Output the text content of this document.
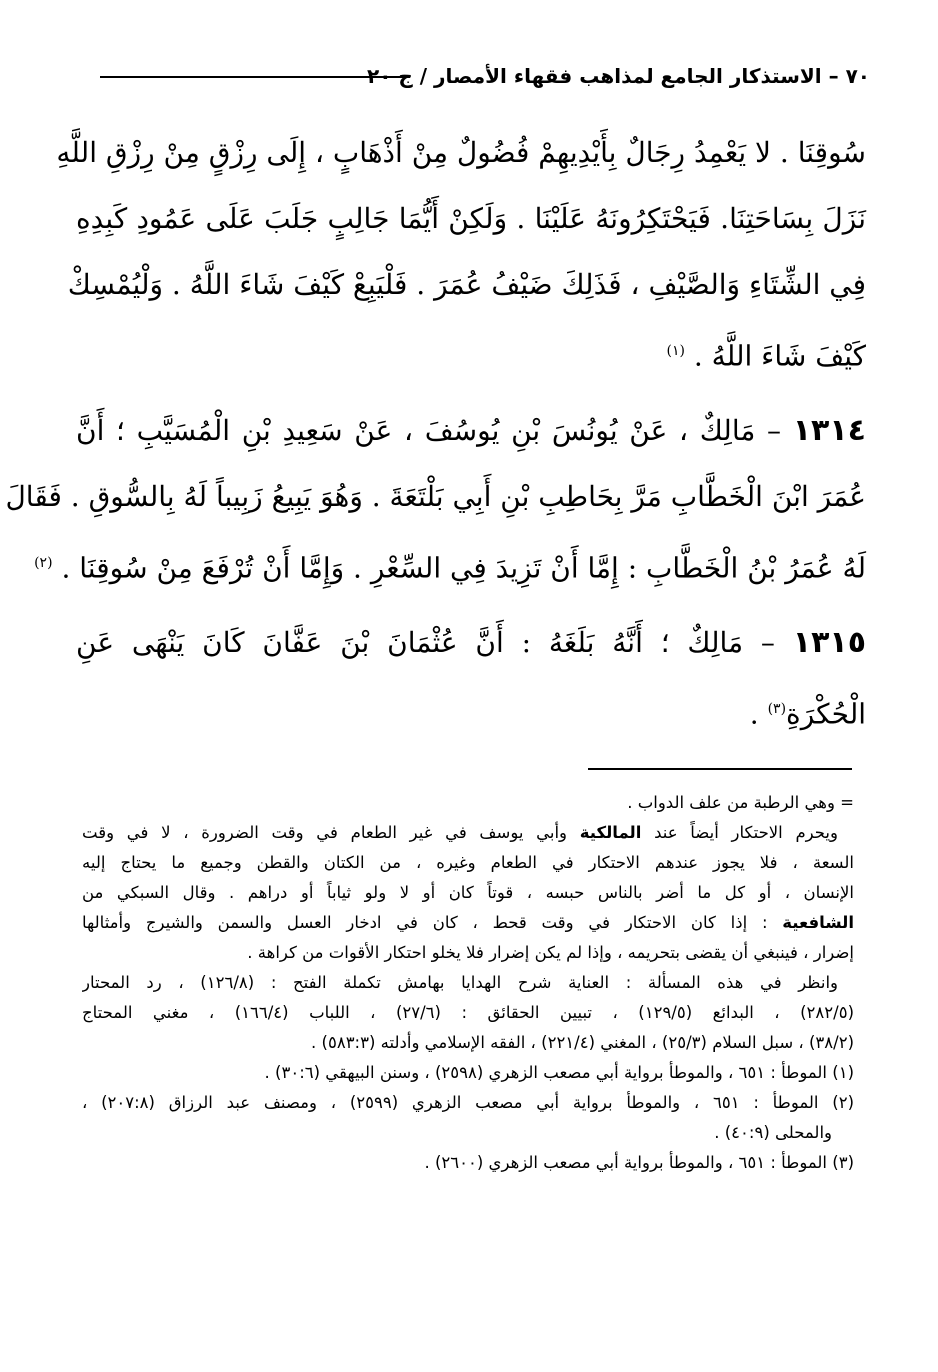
٧٠ – الاستذكار الجامع لمذاهب فقهاء الأمصار / ج ٢٠
سُوقِنَا . لا يَعْمِدُ رِجَالٌ بِأَيْدِيهِمْ فُضُولٌ مِنْ أَذْهَابٍ ، إِلَى رِزْقٍ مِنْ رِزْقِ اللَّهِ
نَزَلَ بِسَاحَتِنَا. فَيَحْتَكِرُونَهُ عَلَيْنَا . وَلَكِنْ أَيُّمَا جَالِبٍ جَلَبَ عَلَى عَمُودِ كَبِدِهِ
فِي الشِّتَاءِ وَالصَّيْفِ ، فَذَلِكَ ضَيْفُ عُمَرَ . فَلْيَبِعْ كَيْفَ شَاءَ اللَّهُ . وَلْيُمْسِكْ
كَيْفَ شَاءَ اللَّهُ . $^{(١)}$
١٣١٤ – مَالِكٌ ، عَنْ يُونُسَ بْنِ يُوسُفَ ، عَنْ سَعِيدِ بْنِ الْمُسَيَّبِ ؛ أَنَّ
عُمَرَ ابْنَ الْخَطَّابِ مَرَّ بِحَاطِبِ بْنِ أَبِي بَلْتَعَةَ . وَهُوَ يَبِيعُ زَبِيباً لَهُ بِالسُّوقِ . فَقَالَ
لَهُ عُمَرُ بْنُ الْخَطَّابِ : إِمَّا أَنْ تَزِيدَ فِي السِّعْرِ . وَإِمَّا أَنْ تُرْفَعَ مِنْ سُوقِنَا . $^{(٢)}$
١٣١٥ – مَالِكٌ ؛ أَنَّهُ بَلَغَهُ : أَنَّ عُثْمَانَ بْنَ عَفَّانَ كَانَ يَنْهَى عَنِ
الْحُكْرَةِ$^{(٣)}$ .
= وهي الرطبة من علف الدواب .
ويحرم الاحتكار أيضاً عند المالكية وأبي يوسف في غير الطعام في وقت الضرورة ، لا في وقت
السعة ، فلا يجوز عندهم الاحتكار في الطعام وغيره ، من الكتان والقطن وجميع ما يحتاج إليه
الإنسان ، أو كل ما أضر بالناس حبسه ، قوتاً كان أو لا ولو ثياباً أو دراهم . وقال السبكي من
الشافعية : إذا كان الاحتكار في وقت قحط ، كان في ادخار العسل والسمن والشيرج وأمثالها
إضرار ، فينبغي أن يقضى بتحريمه ، وإذا لم يكن إضرار فلا يخلو احتكار الأقوات من كراهة .
وانظر في هذه المسألة : العناية شرح الهدايا بهامش تكملة الفتح : (١٢٦/٨) ، رد المحتار
(٢٨٢/٥) ، البدائع (١٢٩/٥) ، تبيين الحقائق : (٢٧/٦) ، اللباب (١٦٦/٤) ، مغني المحتاج
(٣٨/٢) ، سبل السلام (٢٥/٣) ، المغني (٢٢١/٤) ، الفقه الإسلامي وأدلته (٥٨٣:٣) .
(١) الموطأ : ٦٥١ ، والموطأ برواية أبي مصعب الزهري (٢٥٩٨) ، وسنن البيهقي (٣٠:٦) .
(٢) الموطأ : ٦٥١ ، والموطأ برواية أبي مصعب الزهري (٢٥٩٩) ، ومصنف عبد الرزاق (٢٠٧:٨) ،
والمحلى (٤٠:٩) .
(٣) الموطأ : ٦٥١ ، والموطأ برواية أبي مصعب الزهري (٢٦٠٠) .
